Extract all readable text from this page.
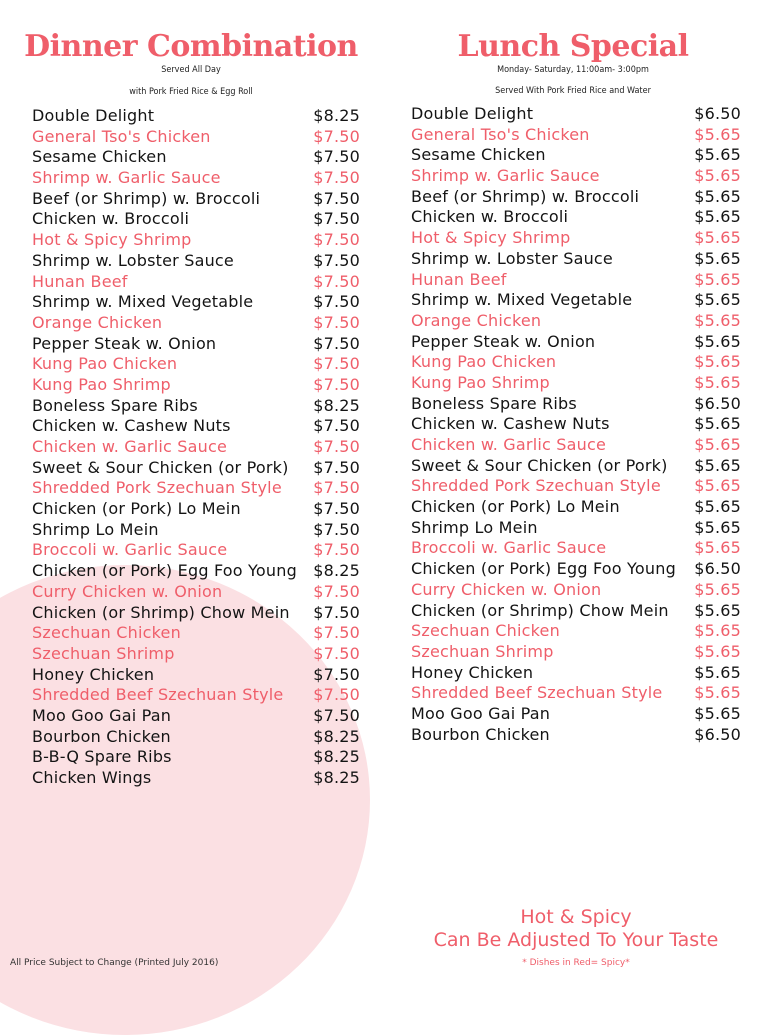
Dinner Combination
Served All Day
with Pork Fried Rice & Egg Roll
Double Delight	$8.25
General Tso's Chicken	$7.50
Sesame Chicken	$7.50
Shrimp w. Garlic Sauce	$7.50
Beef (or Shrimp) w. Broccoli	$7.50
Chicken w. Broccoli	$7.50
Hot & Spicy Shrimp	$7.50
Shrimp w. Lobster Sauce	$7.50
Hunan Beef	$7.50
Shrimp w. Mixed Vegetable	$7.50
Orange Chicken	$7.50
Pepper Steak w. Onion	$7.50
Kung Pao Chicken	$7.50
Kung Pao Shrimp	$7.50
Boneless Spare Ribs	$8.25
Chicken w. Cashew Nuts	$7.50
Chicken w. Garlic Sauce	$7.50
Sweet & Sour Chicken (or Pork) $7.50
Shredded Pork Szechuan Style $7.50
Chicken (or Pork) Lo Mein	$7.50
Shrimp Lo Mein	$7.50
Broccoli w. Garlic Sauce	$7.50
Chicken (or Pork) Egg Foo Young $8.25
Curry Chicken w. Onion	$7.50
Chicken (or Shrimp) Chow Mein $7.50
Szechuan Chicken	$7.50
Szechuan Shrimp	$7.50
Honey Chicken	$7.50
Shredded Beef Szechuan Style $7.50
Moo Goo Gai Pan	$7.50
Bourbon Chicken	$8.25
B-B-Q Spare Ribs	$8.25
Chicken Wings	$8.25
Lunch Special
Monday- Saturday, 11:00am- 3:00pm
Served With Pork Fried Rice and Water
Double Delight	$6.50
General Tso's Chicken	$5.65
Sesame Chicken	$5.65
Shrimp w. Garlic Sauce	$5.65
Beef (or Shrimp) w. Broccoli	$5.65
Chicken w. Broccoli	$5.65
Hot & Spicy Shrimp	$5.65
Shrimp w. Lobster Sauce	$5.65
Hunan Beef	$5.65
Shrimp w. Mixed Vegetable	$5.65
Orange Chicken	$5.65
Pepper Steak w. Onion	$5.65
Kung Pao Chicken	$5.65
Kung Pao Shrimp	$5.65
Boneless Spare Ribs	$6.50
Chicken w. Cashew Nuts	$5.65
Chicken w. Garlic Sauce	$5.65
Sweet & Sour Chicken (or Pork) $5.65
Shredded Pork Szechuan Style $5.65
Chicken (or Pork) Lo Mein	$5.65
Shrimp Lo Mein	$5.65
Broccoli w. Garlic Sauce	$5.65
Chicken (or Pork) Egg Foo Young $6.50
Curry Chicken w. Onion	$5.65
Chicken (or Shrimp) Chow Mein $5.65
Szechuan Chicken	$5.65
Szechuan Shrimp	$5.65
Honey Chicken	$5.65
Shredded Beef Szechuan Style $5.65
Moo Goo Gai Pan	$5.65
Bourbon Chicken	$6.50
All Price Subject to Change (Printed July 2016)
Hot & Spicy
Can Be Adjusted To Your Taste
* Dishes in Red= Spicy*
